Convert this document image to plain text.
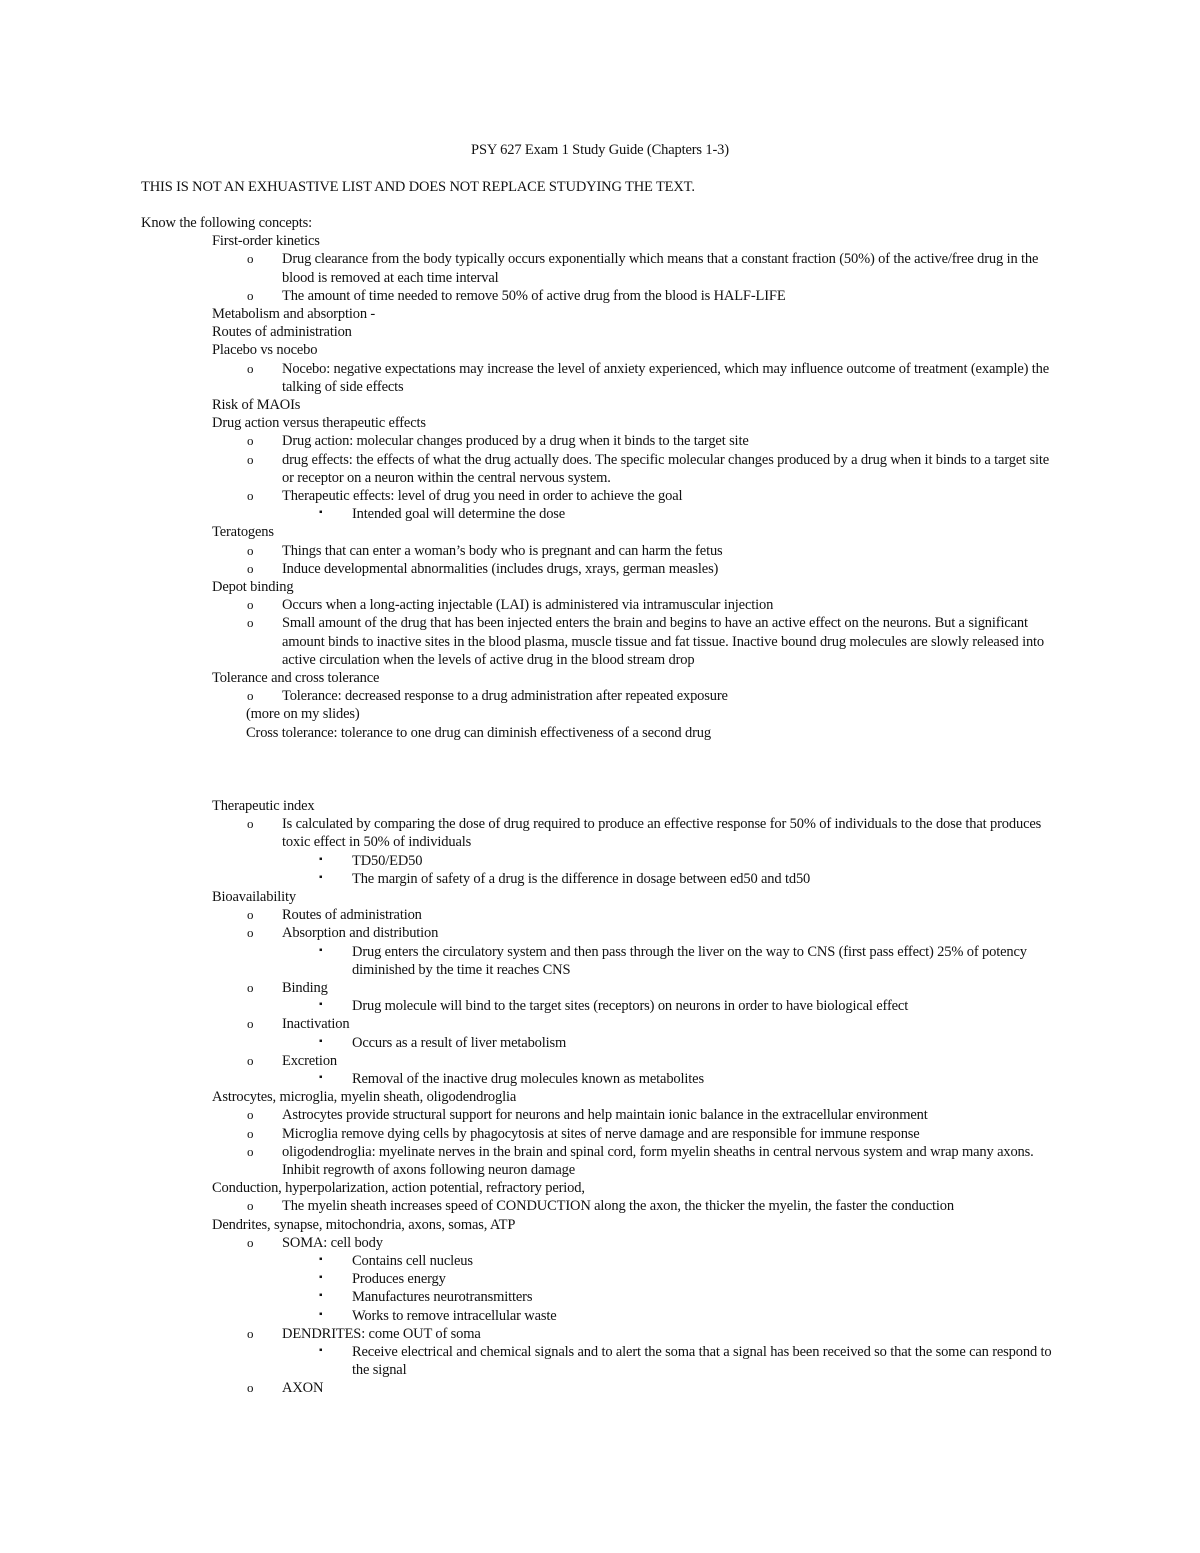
PSY 627 Exam 1 Study Guide (Chapters 1-3)
THIS IS NOT AN EXHUASTIVE LIST AND DOES NOT REPLACE STUDYING THE TEXT.
Know the following concepts:
First-order kinetics
o Drug clearance from the body typically occurs exponentially which means that a constant fraction (50%) of the active/free drug in the blood is removed at each time interval
o The amount of time needed to remove 50% of active drug from the blood is HALF-LIFE
Metabolism and absorption -
Routes of administration
Placebo vs nocebo
o Nocebo: negative expectations may increase the level of anxiety experienced, which may influence outcome of treatment (example) the talking of side effects
Risk of MAOIs
Drug action versus therapeutic effects
o Drug action: molecular changes produced by a drug when it binds to the target site
o drug effects: the effects of what the drug actually does. The specific molecular changes produced by a drug when it binds to a target site or receptor on a neuron within the central nervous system.
o Therapeutic effects: level of drug you need in order to achieve the goal
▪ Intended goal will determine the dose
Teratogens
o Things that can enter a woman’s body who is pregnant and can harm the fetus
o Induce developmental abnormalities (includes drugs, xrays, german measles)
Depot binding
o Occurs when a long-acting injectable (LAI) is administered via intramuscular injection
o Small amount of the drug that has been injected enters the brain and begins to have an active effect on the neurons. But a significant amount binds to inactive sites in the blood plasma, muscle tissue and fat tissue. Inactive bound drug molecules are slowly released into active circulation when the levels of active drug in the blood stream drop
Tolerance and cross tolerance
o Tolerance: decreased response to a drug administration after repeated exposure
(more on my slides)
Cross tolerance: tolerance to one drug can diminish effectiveness of a second drug
Therapeutic index
o Is calculated by comparing the dose of drug required to produce an effective response for 50% of individuals to the dose that produces toxic effect in 50% of individuals
▪ TD50/ED50
▪ The margin of safety of a drug is the difference in dosage between ed50 and td50
Bioavailability
o Routes of administration
o Absorption and distribution
▪ Drug enters the circulatory system and then pass through the liver on the way to CNS (first pass effect) 25% of potency diminished by the time it reaches CNS
o Binding
▪ Drug molecule will bind to the target sites (receptors) on neurons in order to have biological effect
o Inactivation
▪ Occurs as a result of liver metabolism
o Excretion
▪ Removal of the inactive drug molecules known as metabolites
Astrocytes, microglia, myelin sheath, oligodendroglia
o Astrocytes provide structural support for neurons and help maintain ionic balance in the extracellular environment
o Microglia remove dying cells by phagocytosis at sites of nerve damage and are responsible for immune response
o oligodendroglia: myelinate nerves in the brain and spinal cord, form myelin sheaths in central nervous system and wrap many axons. Inhibit regrowth of axons following neuron damage
Conduction, hyperpolarization, action potential, refractory period,
o The myelin sheath increases speed of CONDUCTION along the axon, the thicker the myelin, the faster the conduction
Dendrites, synapse, mitochondria, axons, somas, ATP
o SOMA: cell body
▪ Contains cell nucleus
▪ Produces energy
▪ Manufactures neurotransmitters
▪ Works to remove intracellular waste
o DENDRITES: come OUT of soma
▪ Receive electrical and chemical signals and to alert the soma that a signal has been received so that the some can respond to the signal
o AXON
